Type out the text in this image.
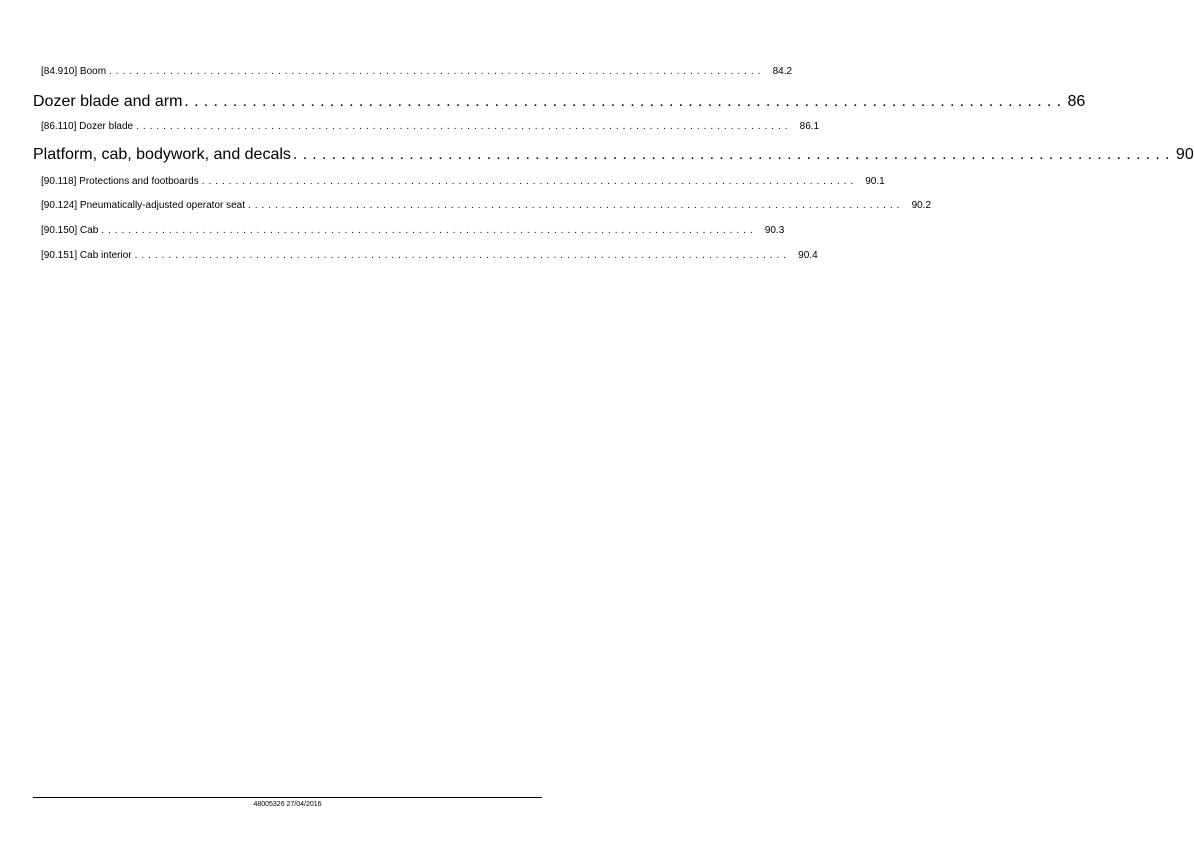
[84.910] Boom . . . . . . . . . . . . . . . . . . . . . . . . . . . . . . . . . . . . . . . . . . . . . . . . . . . . . . . . . . . . . . . . . . . . . . . . . . . . . . . . . . . . . . . . . . . . . . . . .	84.2
Dozer blade and arm . . . . . . . . . . . . . . . . . . . . . . . . . . . . . . . . . . . . . . . . . . . . . . . . . . . . . . . . . . . . . . . . . . . . . . . . . . . . . . . . . . . . . . . . . . . 86
[86.110] Dozer blade . . . . . . . . . . . . . . . . . . . . . . . . . . . . . . . . . . . . . . . . . . . . . . . . . . . . . . . . . . . . . . . . . . . . . . . . . . . . . . . . . . . . . . . . . . . . . . . . .	86.1
Platform, cab, bodywork, and decals . . . . . . . . . . . . . . . . . . . . . . . . . . . . . . . . . . . . . . . . . . . . . . . . . . . . . . . . . . . . . . . . . . . . . . . . . . . . . . . . . . . . . . . . . . . 90
[90.118] Protections and footboards . . . . . . . . . . . . . . . . . . . . . . . . . . . . . . . . . . . . . . . . . . . . . . . . . . . . . . . . . . . . . . . . . . . . . . . . . . . . . . . . . . . . . . . . . . . . . . . . .	90.1
[90.124] Pneumatically-adjusted operator seat . . . . . . . . . . . . . . . . . . . . . . . . . . . . . . . . . . . . . . . . . . . . . . . . . . . . . . . . . . . . . . . . . . . . . . . . . . . . . . . . . . . . . . . . . . . . . . . . .	90.2
[90.150] Cab . . . . . . . . . . . . . . . . . . . . . . . . . . . . . . . . . . . . . . . . . . . . . . . . . . . . . . . . . . . . . . . . . . . . . . . . . . . . . . . . . . . . . . . . . . . . . . . . .	90.3
[90.151] Cab interior . . . . . . . . . . . . . . . . . . . . . . . . . . . . . . . . . . . . . . . . . . . . . . . . . . . . . . . . . . . . . . . . . . . . . . . . . . . . . . . . . . . . . . . . . . . . . . . . .	90.4
48005326 27/04/2016
